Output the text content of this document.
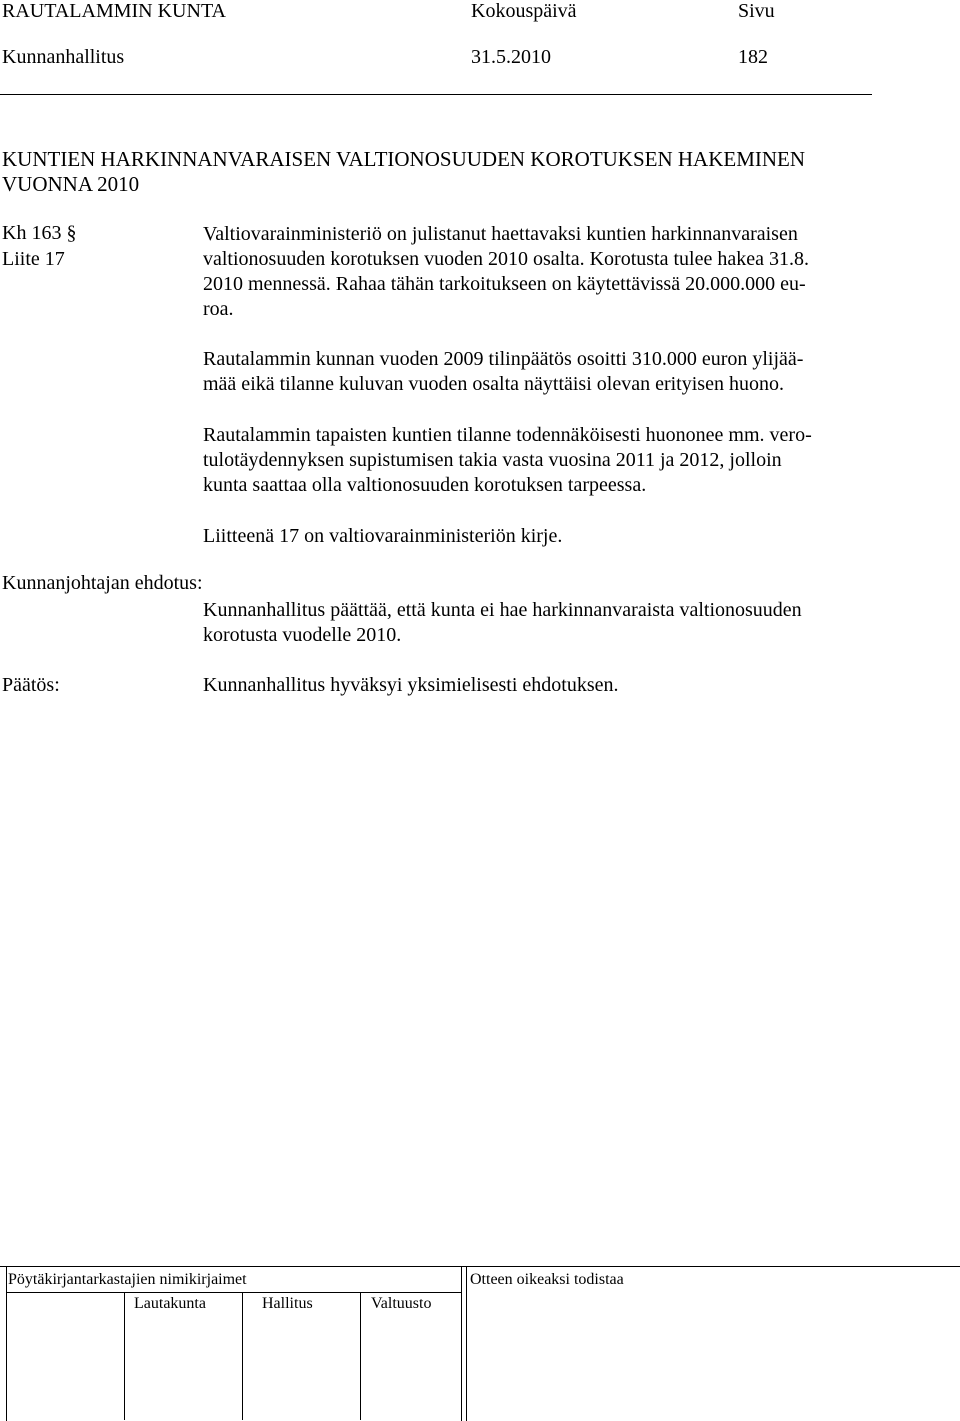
RAUTALAMMIN KUNTA	Kokouspäivä	Sivu
Kunnanhallitus	31.5.2010	182
KUNTIEN HARKINNANVARAISEN VALTIONOSUUDEN KOROTUKSEN HAKEMINEN
VUONNA 2010
Kh 163 §
Liite 17
Valtiovarainministeriö on julistanut haettavaksi kuntien harkinnanvaraisen
valtionosuuden korotuksen vuoden 2010 osalta. Korotusta tulee hakea 31.8.
2010 mennessä. Rahaa tähän tarkoitukseen on käytettävissä 20.000.000 eu-
roa.
Rautalammin kunnan vuoden 2009 tilinpäätös osoitti 310.000 euron ylijää-
mää eikä tilanne kuluvan vuoden osalta näyttäisi olevan erityisen huono.
Rautalammin tapaisten kuntien tilanne todennäköisesti huononee mm. vero-
tulotäydennyksen supistumisen takia vasta vuosina 2011 ja 2012, jolloin
kunta saattaa olla valtionosuuden korotuksen tarpeessa.
Liitteenä 17 on valtiovarainministeriön kirje.
Kunnanjohtajan ehdotus:
Kunnanhallitus päättää, että kunta ei hae harkinnanvaraista valtionosuuden
korotusta vuodelle 2010.
Päätös:	Kunnanhallitus hyväksyi yksimielisesti ehdotuksen.
Pöytäkirjantarkastajien nimikirjaimet	Otteen oikeaksi todistaa
Lautakunta	Hallitus	Valtuusto
